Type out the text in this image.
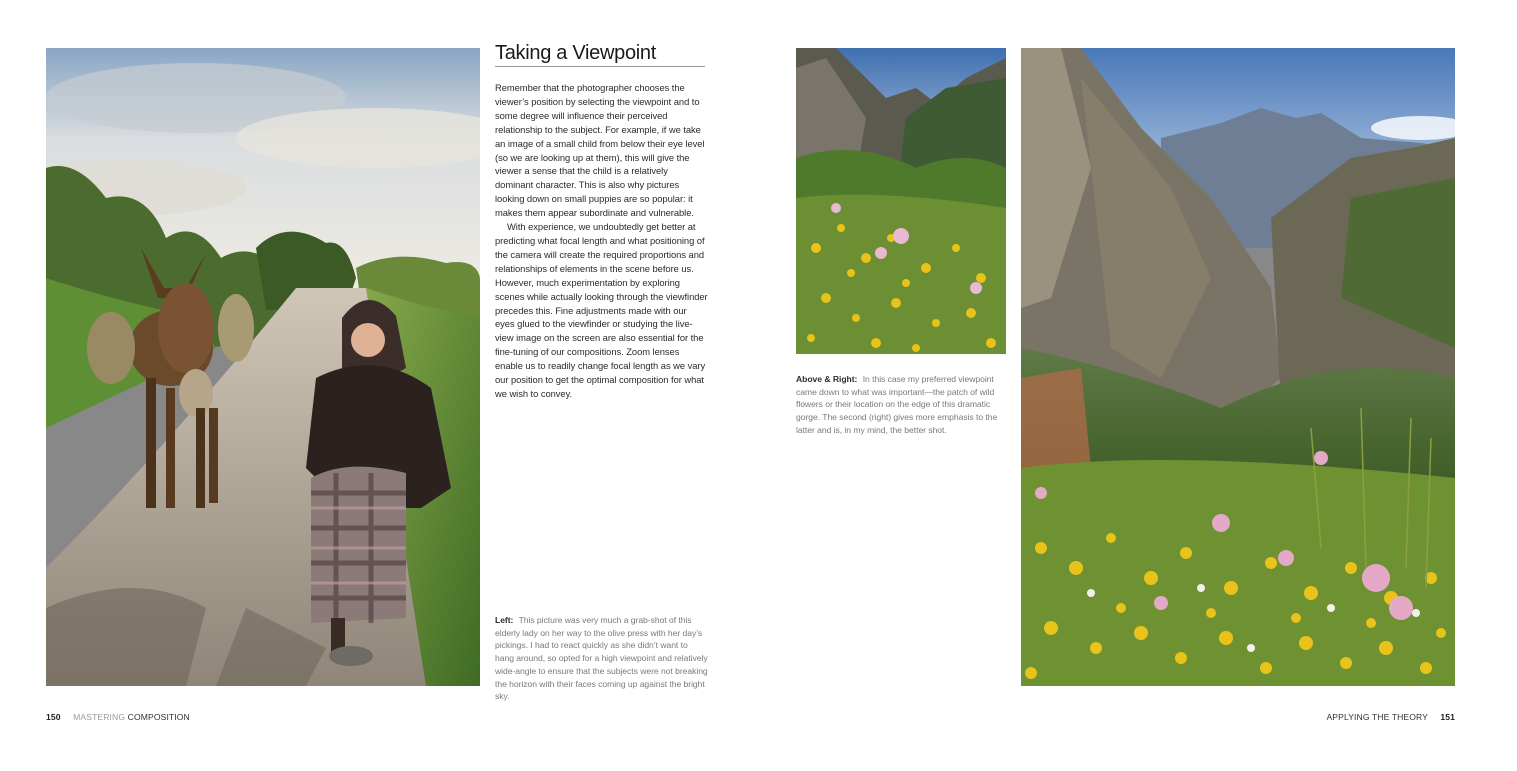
Taking a Viewpoint

Remember that the photographer chooses the viewer’s position by selecting the viewpoint and to some degree will influence their perceived relationship to the subject. For example, if we take an image of a small child from below their eye level (so we are looking up at them), this will give the viewer a sense that the child is a relatively dominant character. This is also why pictures looking down on small puppies are so popular: it makes them appear subordinate and vulnerable.

With experience, we undoubtedly get better at predicting what focal length and what positioning of the camera will create the required proportions and relationships of elements in the scene before us. However, much experimentation by exploring scenes while actually looking through the viewfinder precedes this. Fine adjustments made with our eyes glued to the viewfinder or studying the live-view image on the screen are also essential for the fine-tuning of our compositions. Zoom lenses enable us to readily change focal length as we vary our position to get the optimal composition for what we wish to convey.

Left: This picture was very much a grab-shot of this elderly lady on her way to the olive press with her day’s pickings. I had to react quickly as she didn’t want to hang around, so opted for a high viewpoint and relatively wide-angle to ensure that the subjects were not breaking the horizon with their faces coming up against the bright sky.
Above & Right: In this case my preferred viewpoint came down to what was important—the patch of wild flowers or their location on the edge of this dramatic gorge. The second (right) gives more emphasis to the latter and is, in my mind, the better shot.
150 MASTERING COMPOSITION	APPLYING THE THEORY 151
